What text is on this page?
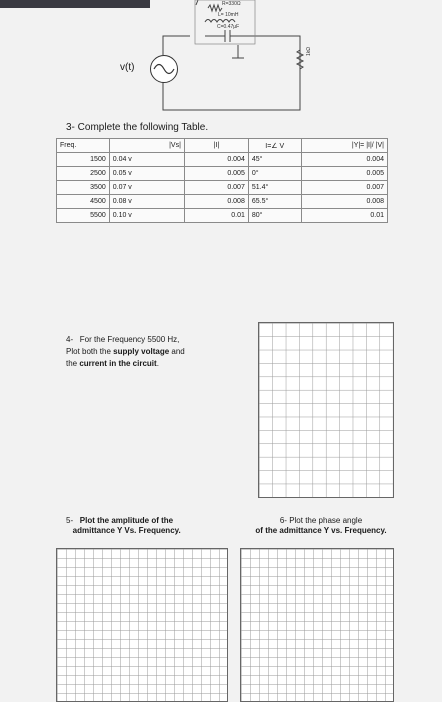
v(t)
R=330Ω
L= 10mH
C=0.47μF
1kΩ
3- Complete the following Table.
Freq.	|Vs|	|I|	I=∠ V	|Y|= |I|/ |V|
1500	0.04 v	0.004	45°	0.004
2500	0.05 v	0.005	0°	0.005
3500	0.07 v	0.007	51.4°	0.007
4500	0.08 v	0.008	65.5°	0.008
5500	0.10 v	0.01	80°	0.01
4- For the Frequency 5500 Hz,
Plot both the supply voltage and
the current in the circuit.
5- Plot the amplitude of the
admittance Y Vs. Frequency.
6- Plot the phase angle
of the admittance Y vs. Frequency.
